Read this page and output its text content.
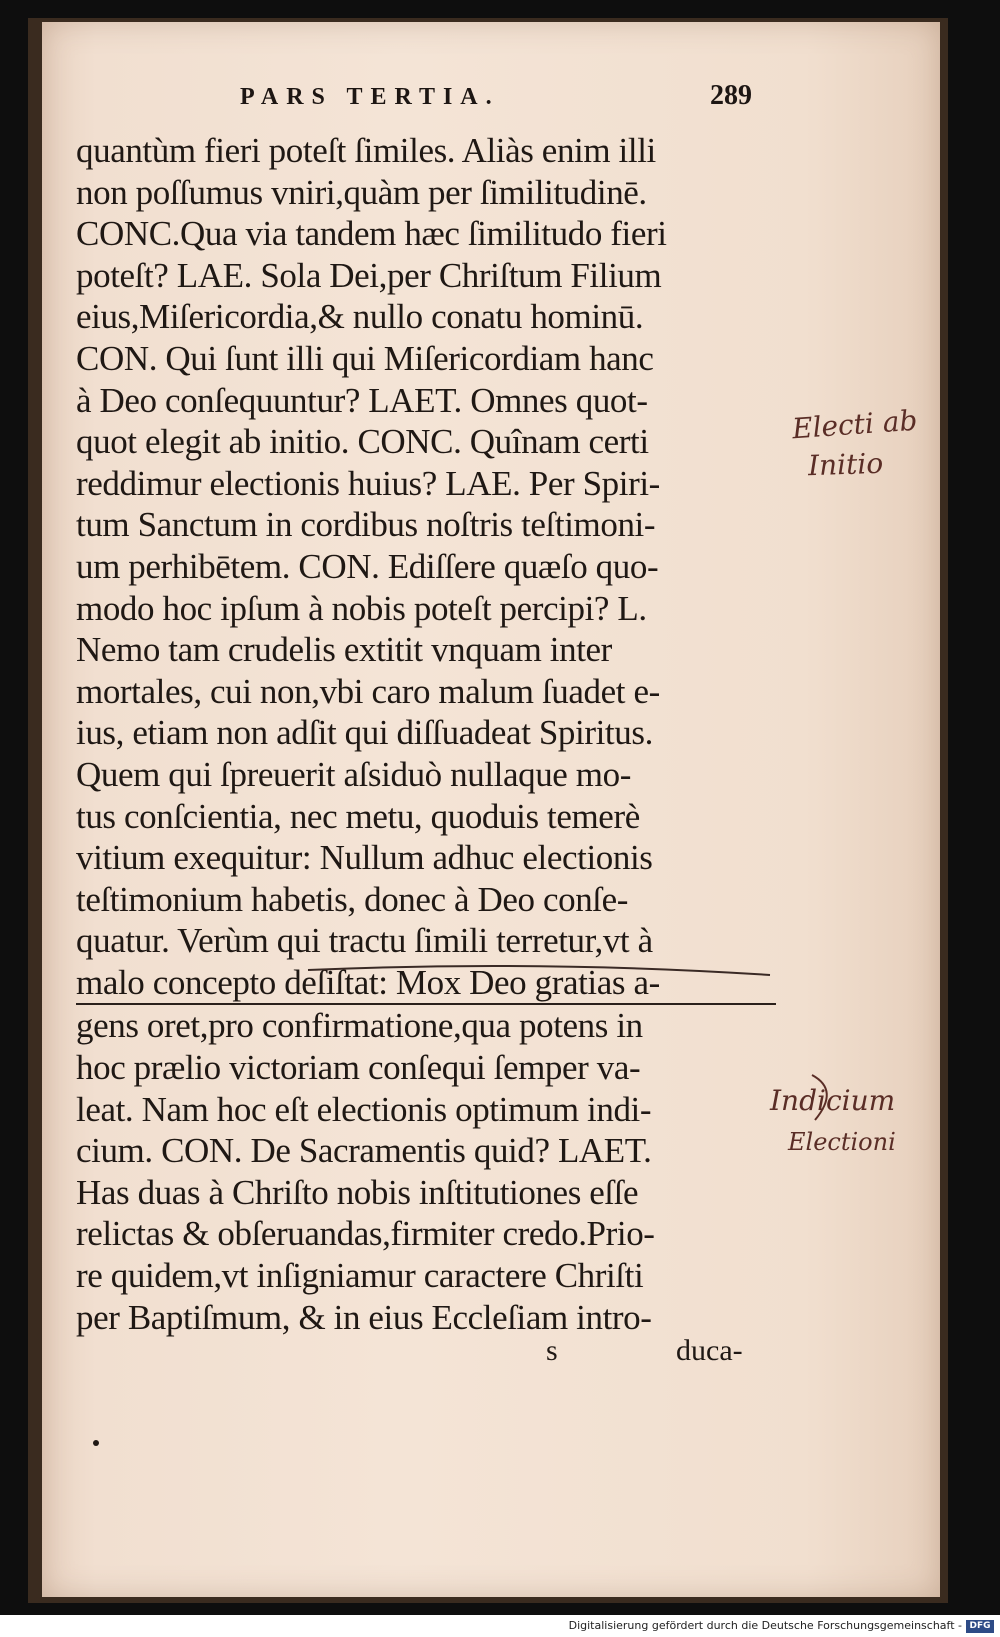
PARS TERTIA.	289
quantùm fieri poteſt ſimiles. Aliàs enim illi
non poſſumus vniri,quàm per ſimilitudinē.
CONC.Qua via tandem hæc ſimilitudo fieri
poteſt? LAE. Sola Dei,per Chriſtum Filium
eius,Miſericordia,& nullo conatu hominū.
CON. Qui ſunt illi qui Miſericordiam hanc
à Deo conſequuntur? LAET. Omnes quot-
quot elegit ab initio. CONC. Quînam certi
reddimur electionis huius? LAE. Per Spiri-
tum Sanctum in cordibus noſtris teſtimoni-
um perhibētem. CON. Ediſſere quæſo quo-
modo hoc ipſum à nobis poteſt percipi? L.
Nemo tam crudelis extitit vnquam inter
mortales, cui non,vbi caro malum ſuadet e-
ius, etiam non adſit qui diſſuadeat Spiritus.
Quem qui ſpreuerit aſsiduò nullaque mo-
tus conſcientia, nec metu, quoduis temerè
vitium exequitur: Nullum adhuc electionis
teſtimonium habetis, donec à Deo conſe-
quatur. Verùm qui tractu ſimili terretur,vt à
malo concepto deſiſtat: Mox Deo gratias a-
gens oret,pro confirmatione,qua potens in
hoc prælio victoriam conſequi ſemper va-
leat. Nam hoc eſt electionis optimum indi-
cium. CON. De Sacramentis quid? LAET.
Has duas à Chriſto nobis inſtitutiones eſſe
relictas & obſeruandas,firmiter credo.Prio-
re quidem,vt inſigniamur caractere Chriſti
per Baptiſmum, & in eius Eccleſiam intro-
s	duca-
Electi ab
Initio
Indicium
Electioni
Digitalisierung gefördert durch die Deutsche Forschungsgemeinschaft - DFG
